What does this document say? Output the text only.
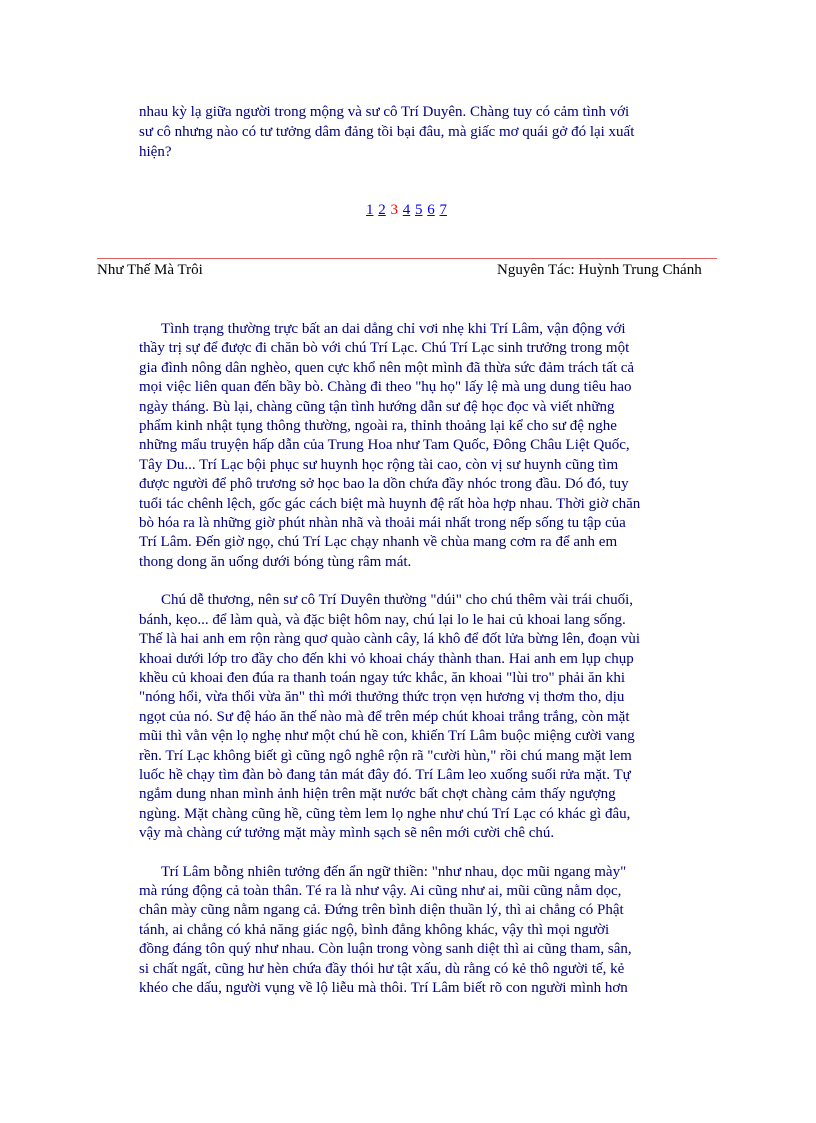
nhau kỳ lạ giữa người trong mộng và sư cô Trí Duyên. Chàng tuy có cảm tình với
sư cô nhưng nào có tư tưởng dâm đảng tồi bại đâu, mà giấc mơ quái gở đó lại xuất
hiện?
1 2 3 4 5 6 7
Như Thế Mà Trôi	Nguyên Tác: Huỳnh Trung Chánh

Tình trạng thường trực bất an dai dẳng chỉ vơi nhẹ khi Trí Lâm, vận động với
thầy trị sự để được đi chăn bò với chú Trí Lạc. Chú Trí Lạc sinh trưởng trong một
gia đình nông dân nghèo, quen cực khổ nên một mình đã thừa sức đảm trách tất cả
mọi việc liên quan đến bầy bò. Chàng đi theo "hụ họ" lấy lệ mà ung dung tiêu hao
ngày tháng. Bù lại, chàng cũng tận tình hướng dẫn sư đệ học đọc và viết những
phẩm kinh nhật tụng thông thường, ngoài ra, thỉnh thoảng lại kể cho sư đệ nghe
những mẩu truyện hấp dẫn của Trung Hoa như Tam Quốc, Đông Châu Liệt Quốc,
Tây Du... Trí Lạc bội phục sư huynh học rộng tài cao, còn vị sư huynh cũng tìm
được người để phô trương sở học bao la dồn chứa đầy nhóc trong đầu. Dó đó, tuy
tuổi tác chênh lệch, gốc gác cách biệt mà huynh đệ rất hòa hợp nhau. Thời giờ chăn
bò hóa ra là những giờ phút nhàn nhã và thoải mái nhất trong nếp sống tu tập của
Trí Lâm. Đến giờ ngọ, chú Trí Lạc chạy nhanh về chùa mang cơm ra để anh em
thong dong ăn uống dưới bóng tùng râm mát.

Chú dễ thương, nên sư cô Trí Duyên thường "dúi" cho chú thêm vài trái chuối,
bánh, kẹo... để làm quà, và đặc biệt hôm nay, chú lại lo le hai củ khoai lang sống.
Thế là hai anh em rộn ràng quơ quào cành cây, lá khô để đốt lửa bừng lên, đoạn vùi
khoai dưới lớp tro đầy cho đến khi vỏ khoai cháy thành than. Hai anh em lụp chụp
khều củ khoai đen đúa ra thanh toán ngay tức khắc, ăn khoai "lùi tro" phải ăn khi
"nóng hổi, vừa thổi vừa ăn" thì mới thưởng thức trọn vẹn hương vị thơm tho, dịu
ngọt của nó. Sư đệ háo ăn thế nào mà để trên mép chút khoai trắng trắng, còn mặt
mũi thì vằn vện lọ nghẹ như một chú hề con, khiến Trí Lâm buộc miệng cười vang
rền. Trí Lạc không biết gì cũng ngô nghê rộn rã "cười hùn," rồi chú mang mặt lem
luốc hề chạy tìm đàn bò đang tản mát đây đó. Trí Lâm leo xuống suối rửa mặt. Tự
ngắm dung nhan mình ảnh hiện trên mặt nước bất chợt chàng cảm thấy ngượng
ngùng. Mặt chàng cũng hề, cũng tèm lem lọ nghe như chú Trí Lạc có khác gì đâu,
vậy mà chàng cứ tưởng mặt mày mình sạch sẽ nên mới cười chê chú.

Trí Lâm bỗng nhiên tưởng đến ẩn ngữ thiền: "như nhau, dọc mũi ngang mày"
mà rúng động cả toàn thân. Té ra là như vậy. Ai cũng như ai, mũi cũng nằm dọc,
chân mày cũng nằm ngang cả. Đứng trên bình diện thuần lý, thì ai chẳng có Phật
tánh, ai chẳng có khả năng giác ngộ, bình đẳng không khác, vậy thì mọi người
đồng đáng tôn quý như nhau. Còn luận trong vòng sanh diệt thì ai cũng tham, sân,
si chất ngất, cũng hư hèn chứa đầy thói hư tật xấu, dù rằng có kẻ thô người tế, kẻ
khéo che dấu, người vụng về lộ liễu mà thôi. Trí Lâm biết rõ con người mình hơn
